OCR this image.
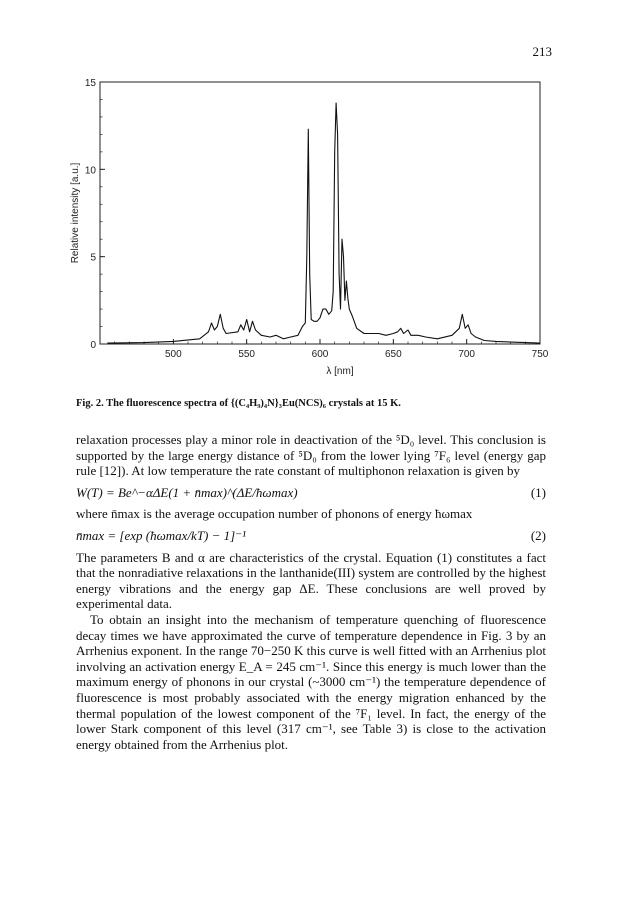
213
500	550	600	650	700	750
0
5
10
15
λ [nm]
Relative intensity [a.u.]
Fig. 2. The fluorescence spectra of {(C₄H₉)₄N}₃Eu(NCS)₆ crystals at 15 K.

relaxation processes play a minor role in deactivation of the ⁵D₀ level. This conclusion is supported by the large energy distance of ⁵D₀ from the lower lying ⁷F₆ level (energy gap rule [12]). At low temperature the rate constant of multiphonon relaxation is given by

W(T) = Be^−αΔE(1 + n̄max)^(ΔE/ħωmax)	(1)

where n̄max is the average occupation number of phonons of energy ħωmax

n̄max = [exp (ħωmax/kT) − 1]⁻¹	(2)

The parameters B and α are characteristics of the crystal. Equation (1) constitutes a fact that the nonradiative relaxations in the lanthanide(III) system are controlled by the highest energy vibrations and the energy gap ΔE. These conclusions are well proved by experimental data.

To obtain an insight into the mechanism of temperature quenching of fluorescence decay times we have approximated the curve of temperature dependence in Fig. 3 by an Arrhenius exponent. In the range 70−250 K this curve is well fitted with an Arrhenius plot involving an activation energy E_A = 245 cm⁻¹. Since this energy is much lower than the maximum energy of phonons in our crystal (~3000 cm⁻¹) the temperature dependence of fluorescence is most probably associated with the energy migration enhanced by the thermal population of the lowest component of the ⁷F₁ level. In fact, the energy of the lower Stark component of this level (317 cm⁻¹, see Table 3) is close to the activation energy obtained from the Arrhenius plot.
